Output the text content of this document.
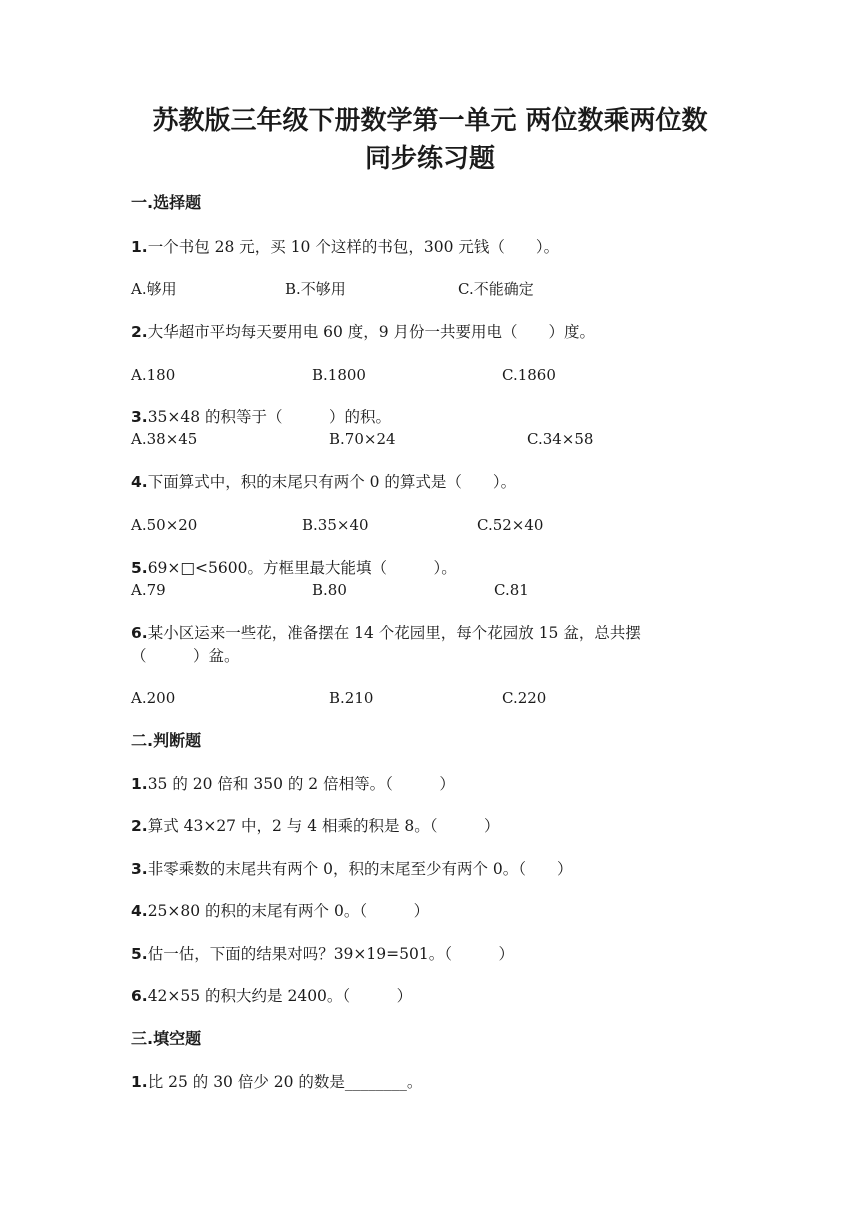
苏教版三年级下册数学第一单元 两位数乘两位数
同步练习题
一.选择题
1.一个书包 28 元，买 10 个这样的书包，300 元钱（　　）。
A.够用	B.不够用	C.不能确定
2.大华超市平均每天要用电 60 度，9 月份一共要用电（　　）度。
A.180	B.1800	C.1860
3.35×48 的积等于（　　　）的积。
A.38×45	B.70×24	C.34×58
4.下面算式中，积的末尾只有两个 0 的算式是（　　）。
A.50×20	B.35×40	C.52×40
5.69×□<5600。方框里最大能填（　　　）。
A.79	B.80	C.81
6.某小区运来一些花，准备摆在 14 个花园里，每个花园放 15 盆，总共摆
（　　　）盆。
A.200	B.210	C.220
二.判断题
1.35 的 20 倍和 350 的 2 倍相等。（　　　）
2.算式 43×27 中，2 与 4 相乘的积是 8。（　　　）
3.非零乘数的末尾共有两个 0，积的末尾至少有两个 0。（　　）
4.25×80 的积的末尾有两个 0。（　　　）
5.估一估，下面的结果对吗？39×19=501。（　　　）
6.42×55 的积大约是 2400。（　　　）
三.填空题
1.比 25 的 30 倍少 20 的数是________。
